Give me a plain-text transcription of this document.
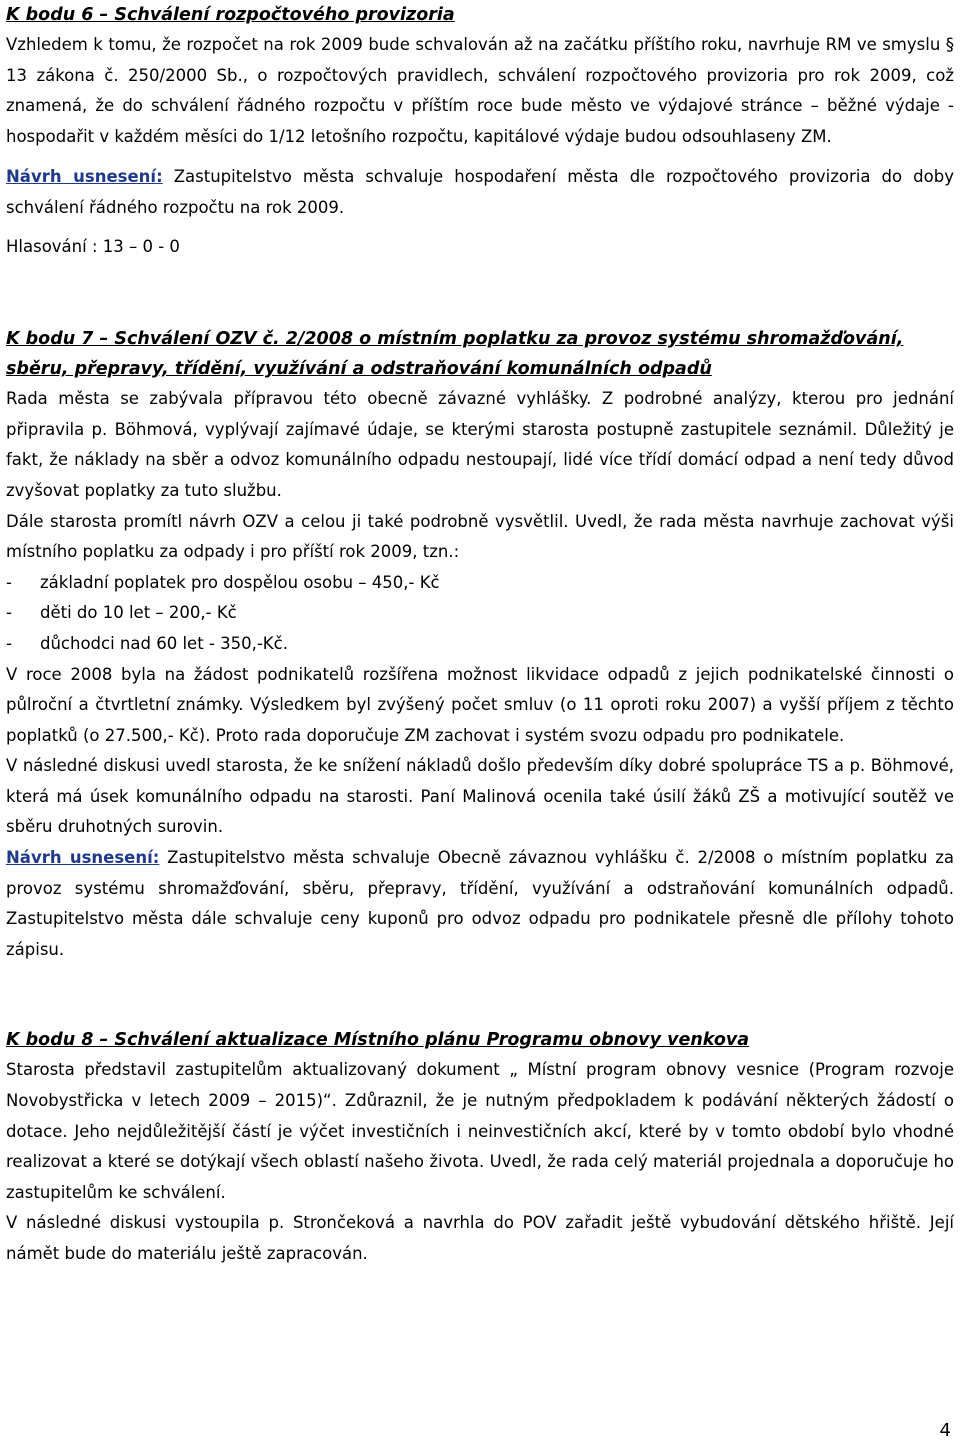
K bodu 6 – Schválení rozpočtového provizoria

Vzhledem k tomu, že rozpočet na rok 2009 bude schvalován až na začátku příštího roku, navrhuje RM ve smyslu § 13 zákona č. 250/2000 Sb., o rozpočtových pravidlech, schválení rozpočtového provizoria pro rok 2009, což znamená, že do schválení řádného rozpočtu v příštím roce bude město ve výdajové stránce – běžné výdaje - hospodařit v každém měsíci do 1/12 letošního rozpočtu, kapitálové výdaje budou odsouhlaseny ZM.

Návrh usnesení: Zastupitelstvo města schvaluje hospodaření města dle rozpočtového provizoria do doby schválení řádného rozpočtu na rok 2009.

Hlasování : 13 – 0 - 0

K bodu 7 – Schválení OZV č. 2/2008 o místním poplatku za provoz systému shromažďování,
sběru, přepravy, třídění, využívání a odstraňování komunálních odpadů

Rada města se zabývala přípravou této obecně závazné vyhlášky. Z podrobné analýzy, kterou pro jednání připravila p. Böhmová, vyplývají zajímavé údaje, se kterými starosta postupně zastupitele seznámil. Důležitý je fakt, že náklady na sběr a odvoz komunálního odpadu nestoupají, lidé více třídí domácí odpad a není tedy důvod zvyšovat poplatky za tuto službu.

Dále starosta promítl návrh OZV a celou ji také podrobně vysvětlil. Uvedl, že rada města navrhuje zachovat výši místního poplatku za odpady i pro příští rok 2009, tzn.:

-	základní poplatek pro dospělou osobu – 450,- Kč
-	děti do 10 let – 200,- Kč
-	důchodci nad 60 let - 350,-Kč.

V roce 2008 byla na žádost podnikatelů rozšířena možnost likvidace odpadů z jejich podnikatelské činnosti o půlroční a čtvrtletní známky. Výsledkem byl zvýšený počet smluv (o 11 oproti roku 2007) a vyšší příjem z těchto poplatků (o 27.500,- Kč). Proto rada doporučuje ZM zachovat i systém svozu odpadu pro podnikatele.

V následné diskusi uvedl starosta, že ke snížení nákladů došlo především díky dobré spolupráce TS a p. Böhmové, která má úsek komunálního odpadu na starosti. Paní Malinová ocenila také úsilí žáků ZŠ a motivující soutěž ve sběru druhotných surovin.

Návrh usnesení: Zastupitelstvo města schvaluje Obecně závaznou vyhlášku č. 2/2008 o místním poplatku za provoz systému shromažďování, sběru, přepravy, třídění, využívání a odstraňování komunálních odpadů. Zastupitelstvo města dále schvaluje ceny kuponů pro odvoz odpadu pro podnikatele přesně dle přílohy tohoto zápisu.

K bodu 8 – Schválení aktualizace Místního plánu Programu obnovy venkova

Starosta představil zastupitelům aktualizovaný dokument „ Místní program obnovy vesnice (Program rozvoje Novobystřicka v letech 2009 – 2015)“. Zdůraznil, že je nutným předpokladem k podávání některých žádostí o dotace. Jeho nejdůležitější částí je výčet investičních i neinvestičních akcí, které by v tomto období bylo vhodné realizovat a které se dotýkají všech oblastí našeho života. Uvedl, že rada celý materiál projednala a doporučuje ho zastupitelům ke schválení.

V následné diskusi vystoupila p. Strončeková a navrhla do POV zařadit ještě vybudování dětského hřiště. Její námět bude do materiálu ještě zapracován.

4
